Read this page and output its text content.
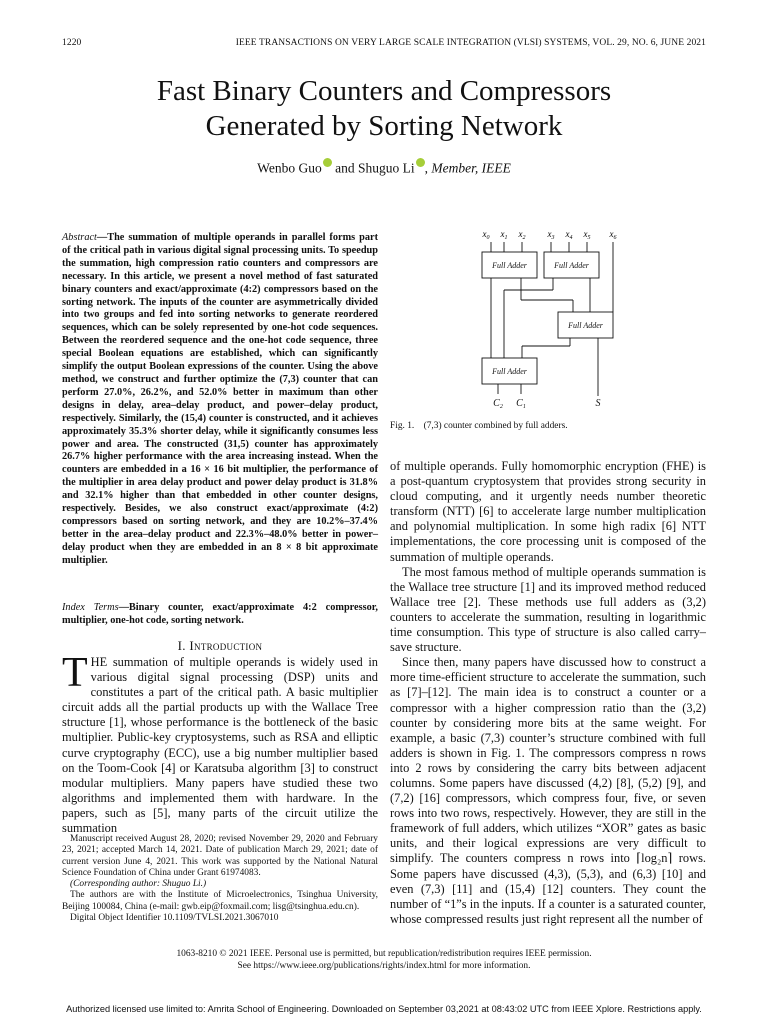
1220	IEEE TRANSACTIONS ON VERY LARGE SCALE INTEGRATION (VLSI) SYSTEMS, VOL. 29, NO. 6, JUNE 2021
Fast Binary Counters and Compressors
Generated by Sorting Network
Wenbo Guo and Shuguo Li , Member, IEEE
Abstract—The summation of multiple operands in parallel forms part of the critical path in various digital signal processing units. To speedup the summation, high compression ratio counters and compressors are necessary. In this article, we present a novel method of fast saturated binary counters and exact/approximate (4:2) compressors based on the sorting network. The inputs of the counter are asymmetrically divided into two groups and fed into sorting networks to generate reordered sequences, which can be solely represented by one-hot code sequences. Between the reordered sequence and the one-hot code sequence, three special Boolean equations are established, which can significantly simplify the output Boolean expressions of the counter. Using the above method, we construct and further optimize the (7,3) counter that can perform 27.0%, 26.2%, and 52.0% better in maximum than other designs in delay, area–delay product, and power–delay product, respectively. Similarly, the (15,4) counter is constructed, and it achieves approximately 35.3% shorter delay, while it significantly consumes less power and area. The constructed (31,5) counter has approximately 26.7% higher performance with the area increasing instead. When the counters are embedded in a 16 × 16 bit multiplier, the performance of the multiplier in area delay product and power delay product is 31.8% and 32.1% higher than that embedded in other counter designs, respectively. Besides, we also construct exact/approximate (4:2) compressors based on sorting network, and they are 10.2%–37.4% better in the area–delay product and 22.3%–48.0% better in power–delay product when they are embedded in an 8 × 8 bit approximate multiplier.
Index Terms—Binary counter, exact/approximate 4:2 compressor, multiplier, one-hot code, sorting network.
I. Introduction
THE summation of multiple operands is widely used in various digital signal processing (DSP) units and constitutes a part of the critical path. A basic multiplier circuit adds all the partial products up with the Wallace Tree structure [1], whose performance is the bottleneck of the basic multiplier. Public-key cryptosystems, such as RSA and elliptic curve cryptography (ECC), use a big number multiplier based on the Toom-Cook [4] or Karatsuba algorithm [3] to construct modular multipliers. Many papers have studied these two algorithms and implemented them with hardware. In the papers, such as [5], many parts of the circuit utilize the summation

Manuscript received August 28, 2020; revised November 29, 2020 and February 23, 2021; accepted March 14, 2021. Date of publication March 29, 2021; date of current version June 4, 2021. This work was supported by the National Natural Science Foundation of China under Grant 61974083.

(Corresponding author: Shuguo Li.)

The authors are with the Institute of Microelectronics, Tsinghua University, Beijing 100084, China (e-mail: gwb.eip@foxmail.com; lisg@tsinghua.edu.cn).

Digital Object Identifier 10.1109/TVLSI.2021.3067010

$x_0$ $x_1$ $x_2$ $x_3$ $x_4$ $x_5$ $x_6$
Full Adder	Full Adder
Full Adder
Full Adder
$C_2$ $C_1$	S
Fig. 1.    (7,3) counter combined by full adders.

of multiple operands. Fully homomorphic encryption (FHE) is a post-quantum cryptosystem that provides strong security in cloud computing, and it urgently needs number theoretic transform (NTT) [6] to accelerate large number multiplication and polynomial multiplication. In some high radix [6] NTT implementations, the core processing unit is composed of the summation of multiple operands.

The most famous method of multiple operands summation is the Wallace tree structure [1] and its improved method reduced Wallace tree [2]. These methods use full adders as (3,2) counters to accelerate the summation, resulting in logarithmic time consumption. This type of structure is also called carry–save structure.

Since then, many papers have discussed how to construct a more time-efficient structure to accelerate the summation, such as [7]–[12]. The main idea is to construct a counter or a compressor with a higher compression ratio than the (3,2) counter by considering more bits at the same weight. For example, a basic (7,3) counter’s structure combined with full adders is shown in Fig. 1. The compressors compress n rows into 2 rows by considering the carry bits between adjacent columns. Some papers have discussed (4,2) [8], (5,2) [9], and (7,2) [16] compressors, which compress four, five, or seven rows into two rows, respectively. However, they are still in the framework of full adders, which utilizes “XOR” gates as basic units, and their logical expressions are very difficult to simplify. The counters compress n rows into ⌈log₂n⌉ rows. Some papers have discussed (4,3), (5,3), and (6,3) [10] and even (7,3) [11] and (15,4) [12] counters. They count the number of “1”s in the inputs. If a counter is a saturated counter, whose compressed results just right represent all the number of

1063-8210 © 2021 IEEE. Personal use is permitted, but republication/redistribution requires IEEE permission.
See https://www.ieee.org/publications/rights/index.html for more information.
Authorized licensed use limited to: Amrita School of Engineering. Downloaded on September 03,2021 at 08:43:02 UTC from IEEE Xplore. Restrictions apply.
